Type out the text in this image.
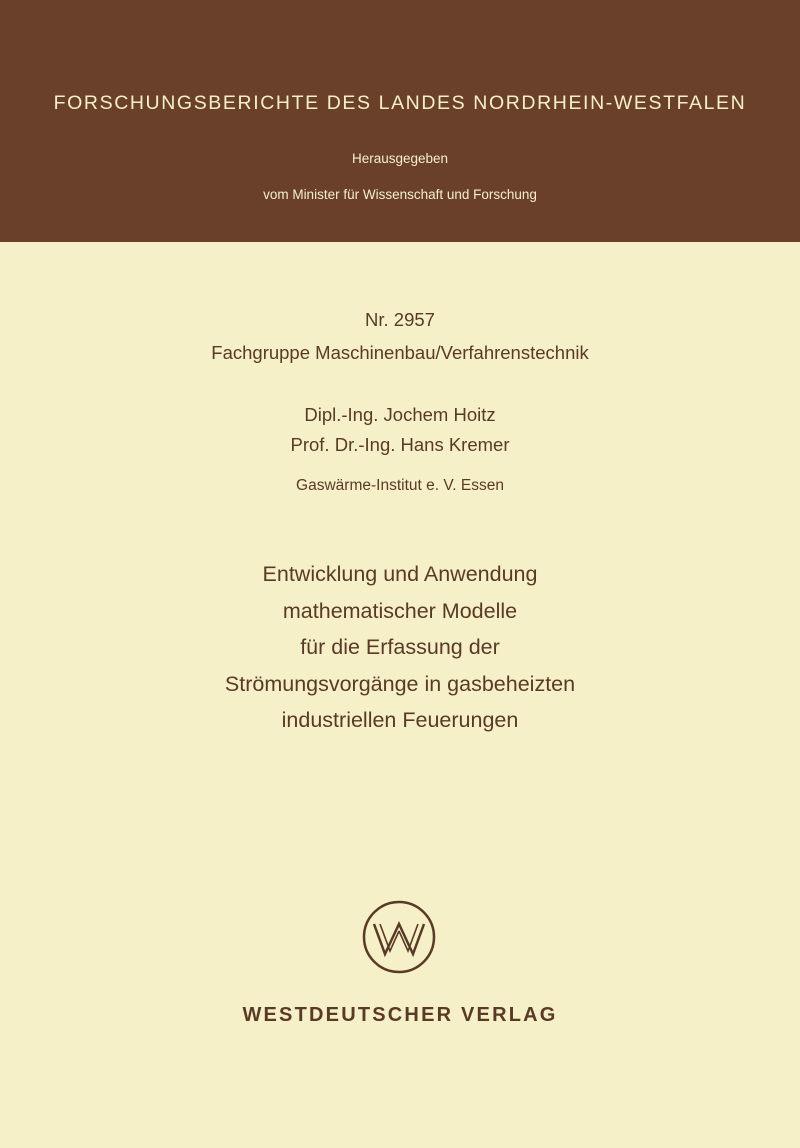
FORSCHUNGSBERICHTE DES LANDES NORDRHEIN-WESTFALEN
Herausgegeben
vom Minister für Wissenschaft und Forschung
Nr. 2957
Fachgruppe Maschinenbau/Verfahrenstechnik
Dipl.-Ing. Jochem Hoitz
Prof. Dr.-Ing. Hans Kremer
Gaswärme-Institut e. V. Essen
Entwicklung und Anwendung
mathematischer Modelle
für die Erfassung der
Strömungsvorgänge in gasbeheizten
industriellen Feuerungen
WESTDEUTSCHER VERLAG
